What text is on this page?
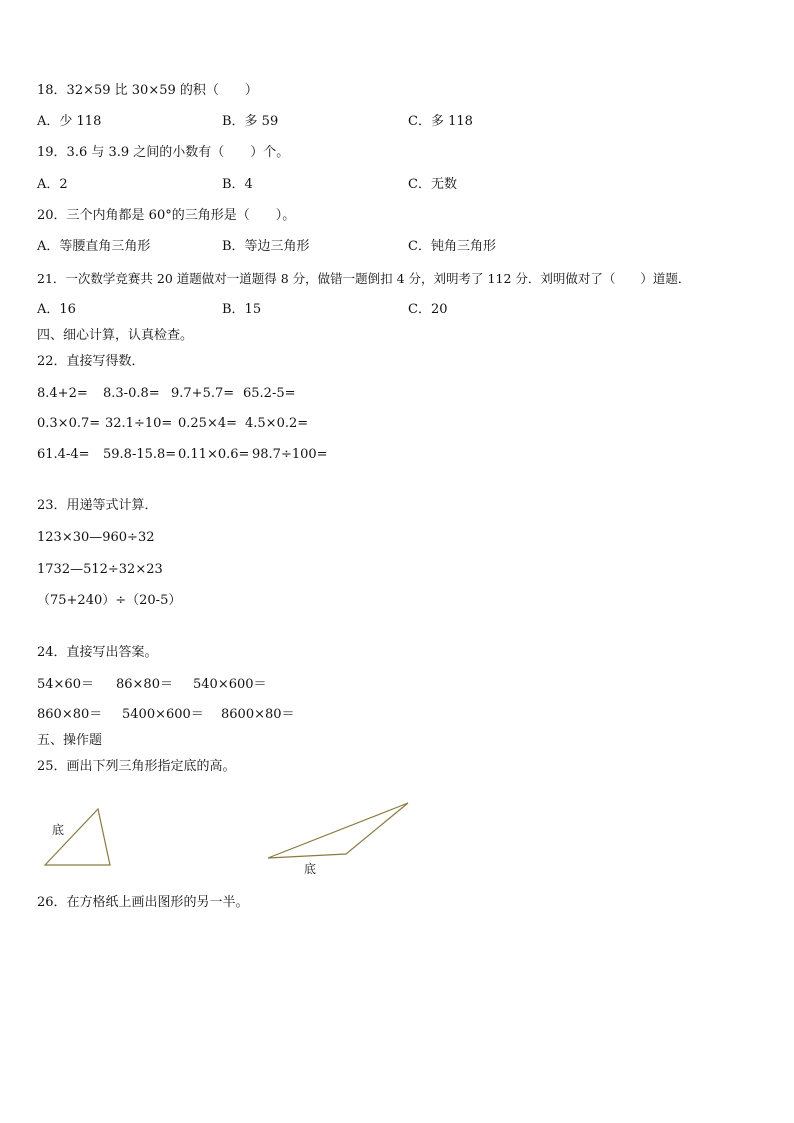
18．32×59 比 30×59 的积（　　）
A．少 118	B．多 59	C．多 118
19．3.6 与 3.9 之间的小数有（　　）个。
A．2	B．4	C．无数
20．三个内角都是 60°的三角形是（　　）。
A．等腰直角三角形	B．等边三角形	C．钝角三角形
21．一次数学竞赛共 20 道题做对一道题得 8 分，做错一题倒扣 4 分，刘明考了 112 分．刘明做对了（　　）道题．
A．16	B．15	C．20
四、细心计算，认真检查。
22．直接写得数．
8.4+2= 8.3-0.8= 9.7+5.7= 65.2-5=
0.3×0.7= 32.1÷10= 0.25×4= 4.5×0.2=
61.4-4= 59.8-15.8= 0.11×0.6= 98.7÷100=
23．用递等式计算．
123×30—960÷32
1732—512÷32×23
（75+240）÷（20-5）
24．直接写出答案。
54×60＝ 86×80＝ 540×600＝
860×80＝ 5400×600＝ 8600×80＝
五、操作题
25．画出下列三角形指定底的高。
底
底
26．在方格纸上画出图形的另一半。
